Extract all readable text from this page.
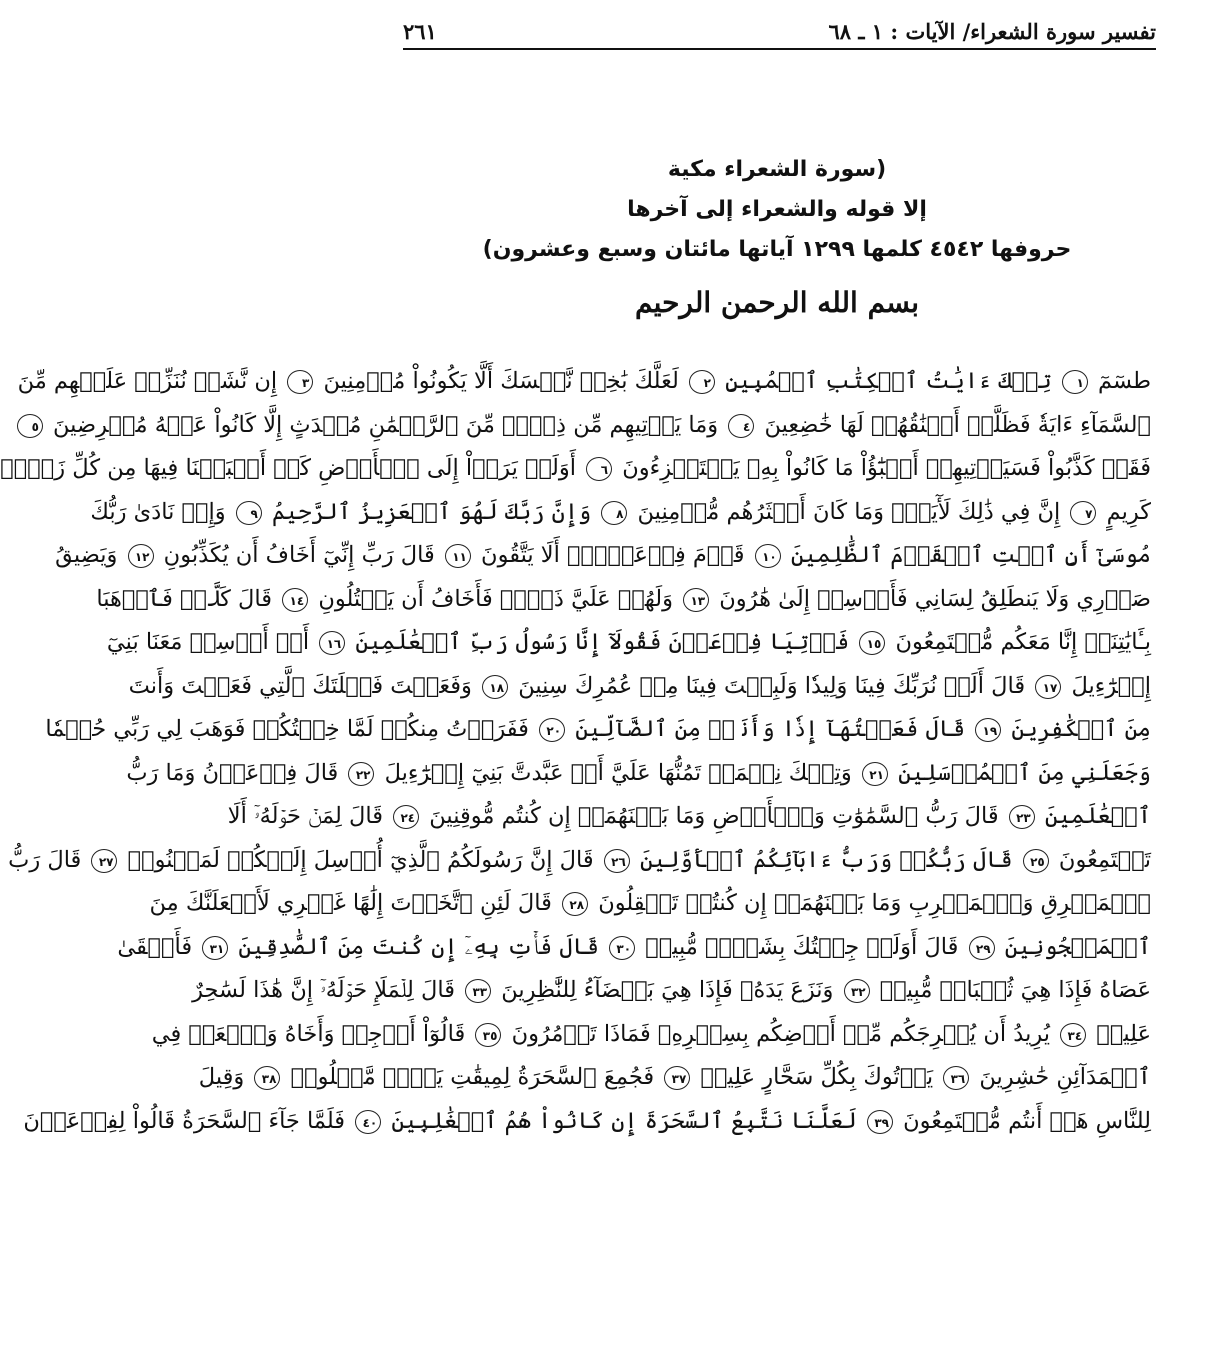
تفسير سورة الشعراء/ الآيات : ١ ـ ٦٨
٢٦١
(سورة الشعراء مكية
إلا قوله والشعراء إلى آخرها
حروفها ٤٥٤٢ كلمها ١٢٩٩ آياتها مائتان وسبع وعشرون)
بسم الله الرحمن الرحيم
طسٓمٓ ١ تِلۡكَ ءَايَٰتُ ٱلۡكِتَٰبِ ٱلۡمُبِينِ ٢ لَعَلَّكَ بَٰخِعٞ نَّفۡسَكَ أَلَّا يَكُونُواْ مُؤۡمِنِينَ ٣ إِن نَّشَأۡ نُنَزِّلۡ عَلَيۡهِم مِّنَ
ٱلسَّمَآءِ ءَايَةٗ فَظَلَّتۡ أَعۡنَٰقُهُمۡ لَهَا خَٰضِعِينَ ٤ وَمَا يَأۡتِيهِم مِّن ذِكۡرٖ مِّنَ ٱلرَّحۡمَٰنِ مُحۡدَثٍ إِلَّا كَانُواْ عَنۡهُ مُعۡرِضِينَ ٥
فَقَدۡ كَذَّبُواْ فَسَيَأۡتِيهِمۡ أَنۢبَٰٓؤُاْ مَا كَانُواْ بِهِۦ يَسۡتَهۡزِءُونَ ٦ أَوَلَمۡ يَرَوۡاْ إِلَى ٱلۡأَرۡضِ كَمۡ أَنۢبَتۡنَا فِيهَا مِن كُلِّ زَوۡجٖ
كَرِيمٍ ٧ إِنَّ فِي ذَٰلِكَ لَأٓيَةٗۖ وَمَا كَانَ أَكۡثَرُهُم مُّؤۡمِنِينَ ٨ وَإِنَّ رَبَّكَ لَهُوَ ٱلۡعَزِيزُ ٱلرَّحِيمُ ٩ وَإِذۡ نَادَىٰ رَبُّكَ
مُوسَىٰٓ أَنِ ٱئۡتِ ٱلۡقَوۡمَ ٱلظَّٰلِمِينَ ١٠ قَوۡمَ فِرۡعَوۡنَۚ أَلَا يَتَّقُونَ ١١ قَالَ رَبِّ إِنِّيٓ أَخَافُ أَن يُكَذِّبُونِ ١٢ وَيَضِيقُ
صَدۡرِي وَلَا يَنطَلِقُ لِسَانِي فَأَرۡسِلۡ إِلَىٰ هَٰرُونَ ١٣ وَلَهُمۡ عَلَيَّ ذَنۢبٞ فَأَخَافُ أَن يَقۡتُلُونِ ١٤ قَالَ كَلَّاۖ فَٱذۡهَبَا
بِـَٔايَٰتِنَآۖ إِنَّا مَعَكُم مُّسۡتَمِعُونَ ١٥ فَأۡتِيَا فِرۡعَوۡنَ فَقُولَآ إِنَّا رَسُولُ رَبِّ ٱلۡعَٰلَمِينَ ١٦ أَنۡ أَرۡسِلۡ مَعَنَا بَنِيٓ
إِسۡرَٰٓءِيلَ ١٧ قَالَ أَلَمۡ نُرَبِّكَ فِينَا وَلِيدٗا وَلَبِثۡتَ فِينَا مِنۡ عُمُرِكَ سِنِينَ ١٨ وَفَعَلۡتَ فَعۡلَتَكَ ٱلَّتِي فَعَلۡتَ وَأَنتَ
مِنَ ٱلۡكَٰفِرِينَ ١٩ قَالَ فَعَلۡتُهَآ إِذٗا وَأَنَا۠ مِنَ ٱلضَّآلِّينَ ٢٠ فَفَرَرۡتُ مِنكُمۡ لَمَّا خِفۡتُكُمۡ فَوَهَبَ لِي رَبِّي حُكۡمٗا
وَجَعَلَنِي مِنَ ٱلۡمُرۡسَلِينَ ٢١ وَتِلۡكَ نِعۡمَةٞ تَمُنُّهَا عَلَيَّ أَنۡ عَبَّدتَّ بَنِيٓ إِسۡرَٰٓءِيلَ ٢٢ قَالَ فِرۡعَوۡنُ وَمَا رَبُّ
ٱلۡعَٰلَمِينَ ٢٣ قَالَ رَبُّ ٱلسَّمَٰوَٰتِ وَٱلۡأَرۡضِ وَمَا بَيۡنَهُمَآۖ إِن كُنتُم مُّوقِنِينَ ٢٤ قَالَ لِمَنۡ حَوۡلَهُۥٓ أَلَا
تَسۡتَمِعُونَ ٢٥ قَالَ رَبُّكُمۡ وَرَبُّ ءَابَآئِكُمُ ٱلۡأَوَّلِينَ ٢٦ قَالَ إِنَّ رَسُولَكُمُ ٱلَّذِيٓ أُرۡسِلَ إِلَيۡكُمۡ لَمَجۡنُونٞ ٢٧ قَالَ رَبُّ
ٱلۡمَشۡرِقِ وَٱلۡمَغۡرِبِ وَمَا بَيۡنَهُمَآۖ إِن كُنتُمۡ تَعۡقِلُونَ ٢٨ قَالَ لَئِنِ ٱتَّخَذۡتَ إِلَٰهًا غَيۡرِي لَأَجۡعَلَنَّكَ مِنَ
ٱلۡمَسۡجُونِينَ ٢٩ قَالَ أَوَلَوۡ جِئۡتُكَ بِشَيۡءٖ مُّبِينٖ ٣٠ قَالَ فَأۡتِ بِهِۦٓ إِن كُنتَ مِنَ ٱلصَّٰدِقِينَ ٣١ فَأَلۡقَىٰ
عَصَاهُ فَإِذَا هِيَ ثُعۡبَانٞ مُّبِينٞ ٣٢ وَنَزَعَ يَدَهُۥ فَإِذَا هِيَ بَيۡضَآءُ لِلنَّٰظِرِينَ ٣٣ قَالَ لِلۡمَلَإِ حَوۡلَهُۥٓ إِنَّ هَٰذَا لَسَٰحِرٌ
عَلِيمٞ ٣٤ يُرِيدُ أَن يُخۡرِجَكُم مِّنۡ أَرۡضِكُم بِسِحۡرِهِۦ فَمَاذَا تَأۡمُرُونَ ٣٥ قَالُوٓاْ أَرۡجِهۡ وَأَخَاهُ وَٱبۡعَثۡ فِي
ٱلۡمَدَآئِنِ حَٰشِرِينَ ٣٦ يَأۡتُوكَ بِكُلِّ سَحَّارٍ عَلِيمٖ ٣٧ فَجُمِعَ ٱلسَّحَرَةُ لِمِيقَٰتِ يَوۡمٖ مَّعۡلُومٖ ٣٨ وَقِيلَ
لِلنَّاسِ هَلۡ أَنتُم مُّجۡتَمِعُونَ ٣٩ لَعَلَّنَا نَتَّبِعُ ٱلسَّحَرَةَ إِن كَانُواْ هُمُ ٱلۡغَٰلِبِينَ ٤٠ فَلَمَّا جَآءَ ٱلسَّحَرَةُ قَالُواْ لِفِرۡعَوۡنَ
